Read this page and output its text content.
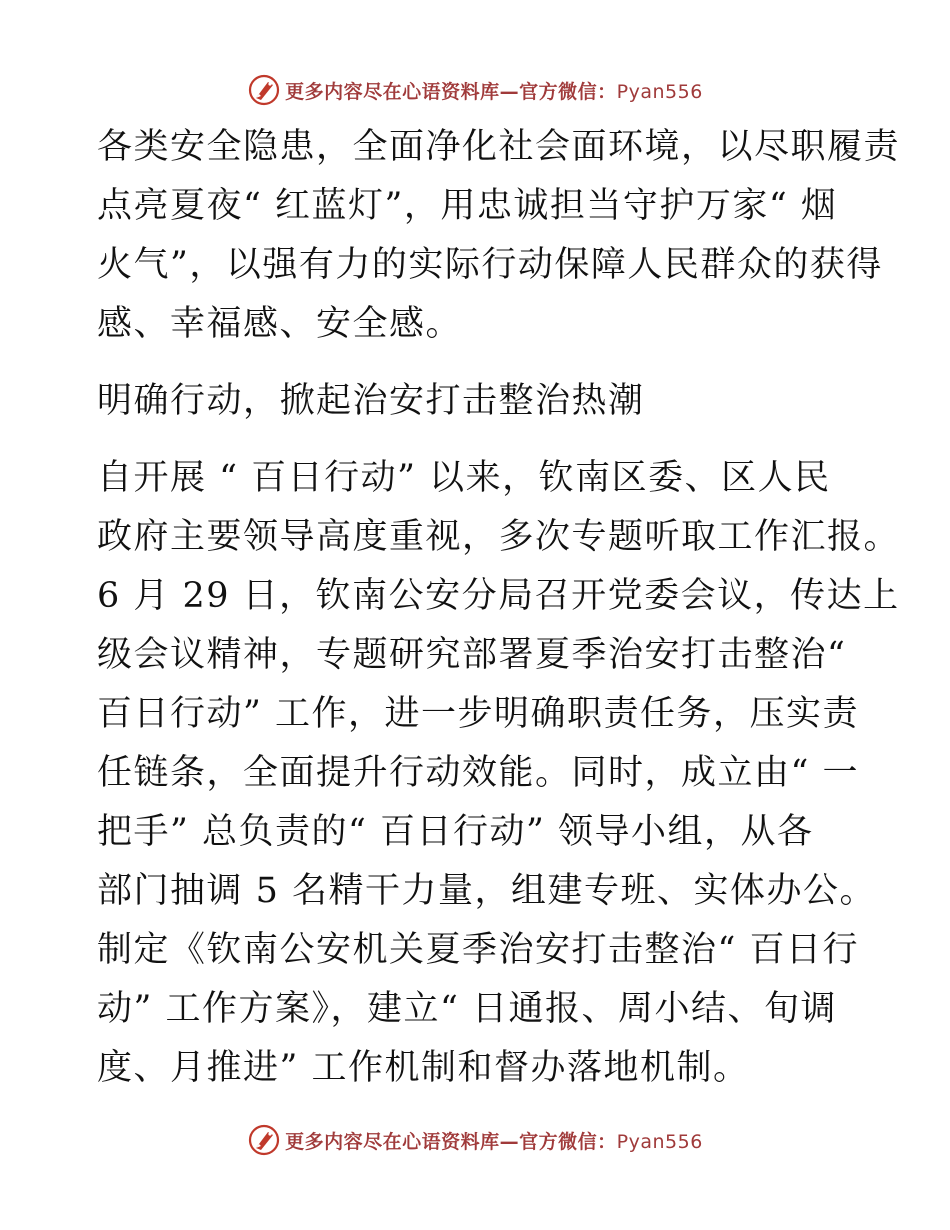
更多内容尽在心语资料库—官方微信：Pyan556

各类安全隐患，全面净化社会面环境，以尽职履责
点亮夏夜“ 红蓝灯”，用忠诚担当守护万家“ 烟
火气”，以强有力的实际行动保障人民群众的获得
感、幸福感、安全感。

明确行动，掀起治安打击整治热潮

自开展 “ 百日行动” 以来，钦南区委、区人民
政府主要领导高度重视，多次专题听取工作汇报。
6 月 29 日，钦南公安分局召开党委会议，传达上
级会议精神，专题研究部署夏季治安打击整治“
百日行动” 工作，进一步明确职责任务，压实责
任链条，全面提升行动效能。同时，成立由“ 一
把手” 总负责的“ 百日行动” 领导小组，从各
部门抽调 5 名精干力量，组建专班、实体办公。
制定《钦南公安机关夏季治安打击整治“ 百日行
动” 工作方案》，建立“ 日通报、周小结、旬调
度、月推进” 工作机制和督办落地机制。

更多内容尽在心语资料库—官方微信：Pyan556
